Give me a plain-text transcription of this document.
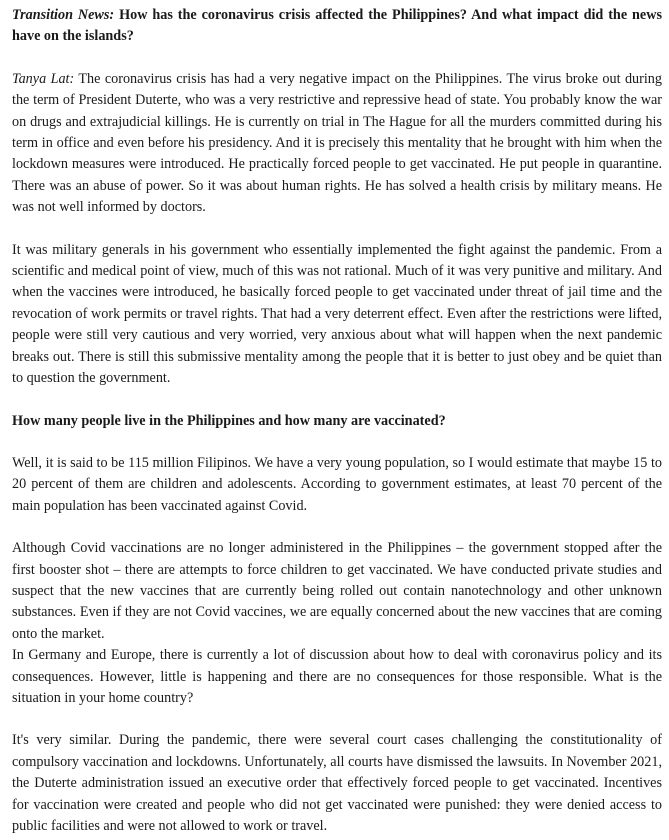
Transition News: How has the coronavirus crisis affected the Philippines? And what impact did the news have on the islands?

Tanya Lat: The coronavirus crisis has had a very negative impact on the Philippines. The virus broke out during the term of President Duterte, who was a very restrictive and repressive head of state. You probably know the war on drugs and extrajudicial killings. He is currently on trial in The Hague for all the murders committed during his term in office and even before his presidency. And it is precisely this mentality that he brought with him when the lockdown measures were introduced. He practically forced people to get vaccinated. He put people in quarantine. There was an abuse of power. So it was about human rights. He has solved a health crisis by military means. He was not well informed by doctors.

It was military generals in his government who essentially implemented the fight against the pandemic. From a scientific and medical point of view, much of this was not rational. Much of it was very punitive and military. And when the vaccines were introduced, he basically forced people to get vaccinated under threat of jail time and the revocation of work permits or travel rights. That had a very deterrent effect. Even after the restrictions were lifted, people were still very cautious and very worried, very anxious about what will happen when the next pandemic breaks out. There is still this submissive mentality among the people that it is better to just obey and be quiet than to question the government.

How many people live in the Philippines and how many are vaccinated?

Well, it is said to be 115 million Filipinos. We have a very young population, so I would estimate that maybe 15 to 20 percent of them are children and adolescents. According to government estimates, at least 70 percent of the main population has been vaccinated against Covid.

Although Covid vaccinations are no longer administered in the Philippines – the government stopped after the first booster shot – there are attempts to force children to get vaccinated. We have conducted private studies and suspect that the new vaccines that are currently being rolled out contain nanotechnology and other unknown substances. Even if they are not Covid vaccines, we are equally concerned about the new vaccines that are coming onto the market.

In Germany and Europe, there is currently a lot of discussion about how to deal with coronavirus policy and its consequences. However, little is happening and there are no consequences for those responsible. What is the situation in your home country?

It's very similar. During the pandemic, there were several court cases challenging the constitutionality of compulsory vaccination and lockdowns. Unfortunately, all courts have dismissed the lawsuits. In November 2021, the Duterte administration issued an executive order that effectively forced people to get vaccinated. Incentives for vaccination were created and people who did not get vaccinated were punished: they were denied access to public facilities and were not allowed to work or travel.
